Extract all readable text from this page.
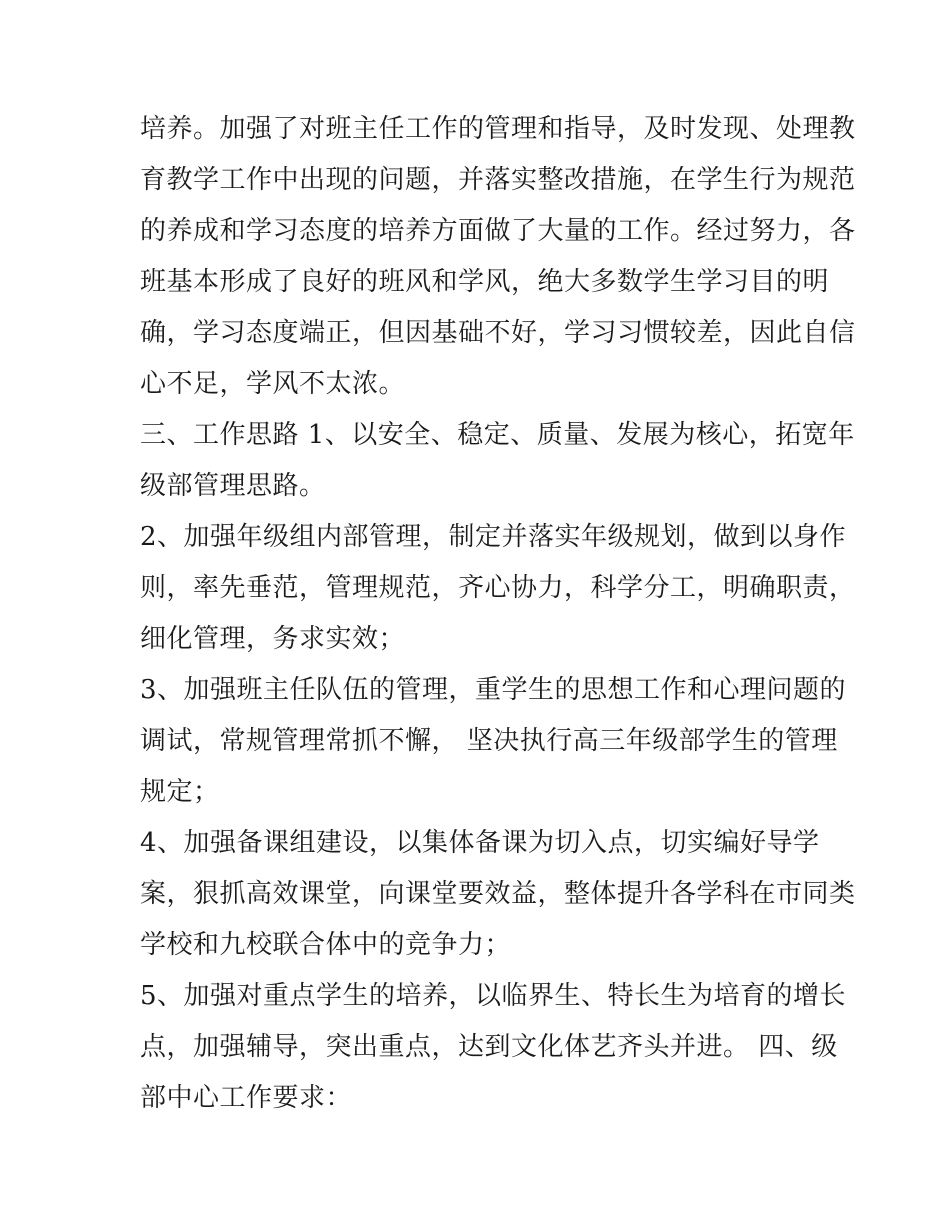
培养。加强了对班主任工作的管理和指导，及时发现、处理教
育教学工作中出现的问题，并落实整改措施，在学生行为规范
的养成和学习态度的培养方面做了大量的工作。经过努力，各
班基本形成了良好的班风和学风，绝大多数学生学习目的明
确，学习态度端正，但因基础不好，学习习惯较差，因此自信
心不足，学风不太浓。
三、工作思路 1、以安全、稳定、质量、发展为核心，拓宽年
级部管理思路。
2、加强年级组内部管理，制定并落实年级规划，做到以身作
则，率先垂范，管理规范，齐心协力，科学分工，明确职责，
细化管理，务求实效；
3、加强班主任队伍的管理，重学生的思想工作和心理问题的
调试，常规管理常抓不懈， 坚决执行高三年级部学生的管理
规定；
4、加强备课组建设，以集体备课为切入点，切实编好导学
案，狠抓高效课堂，向课堂要效益，整体提升各学科在市同类
学校和九校联合体中的竞争力；
5、加强对重点学生的培养，以临界生、特长生为培育的增长
点，加强辅导，突出重点，达到文化体艺齐头并进。 四、级
部中心工作要求：
